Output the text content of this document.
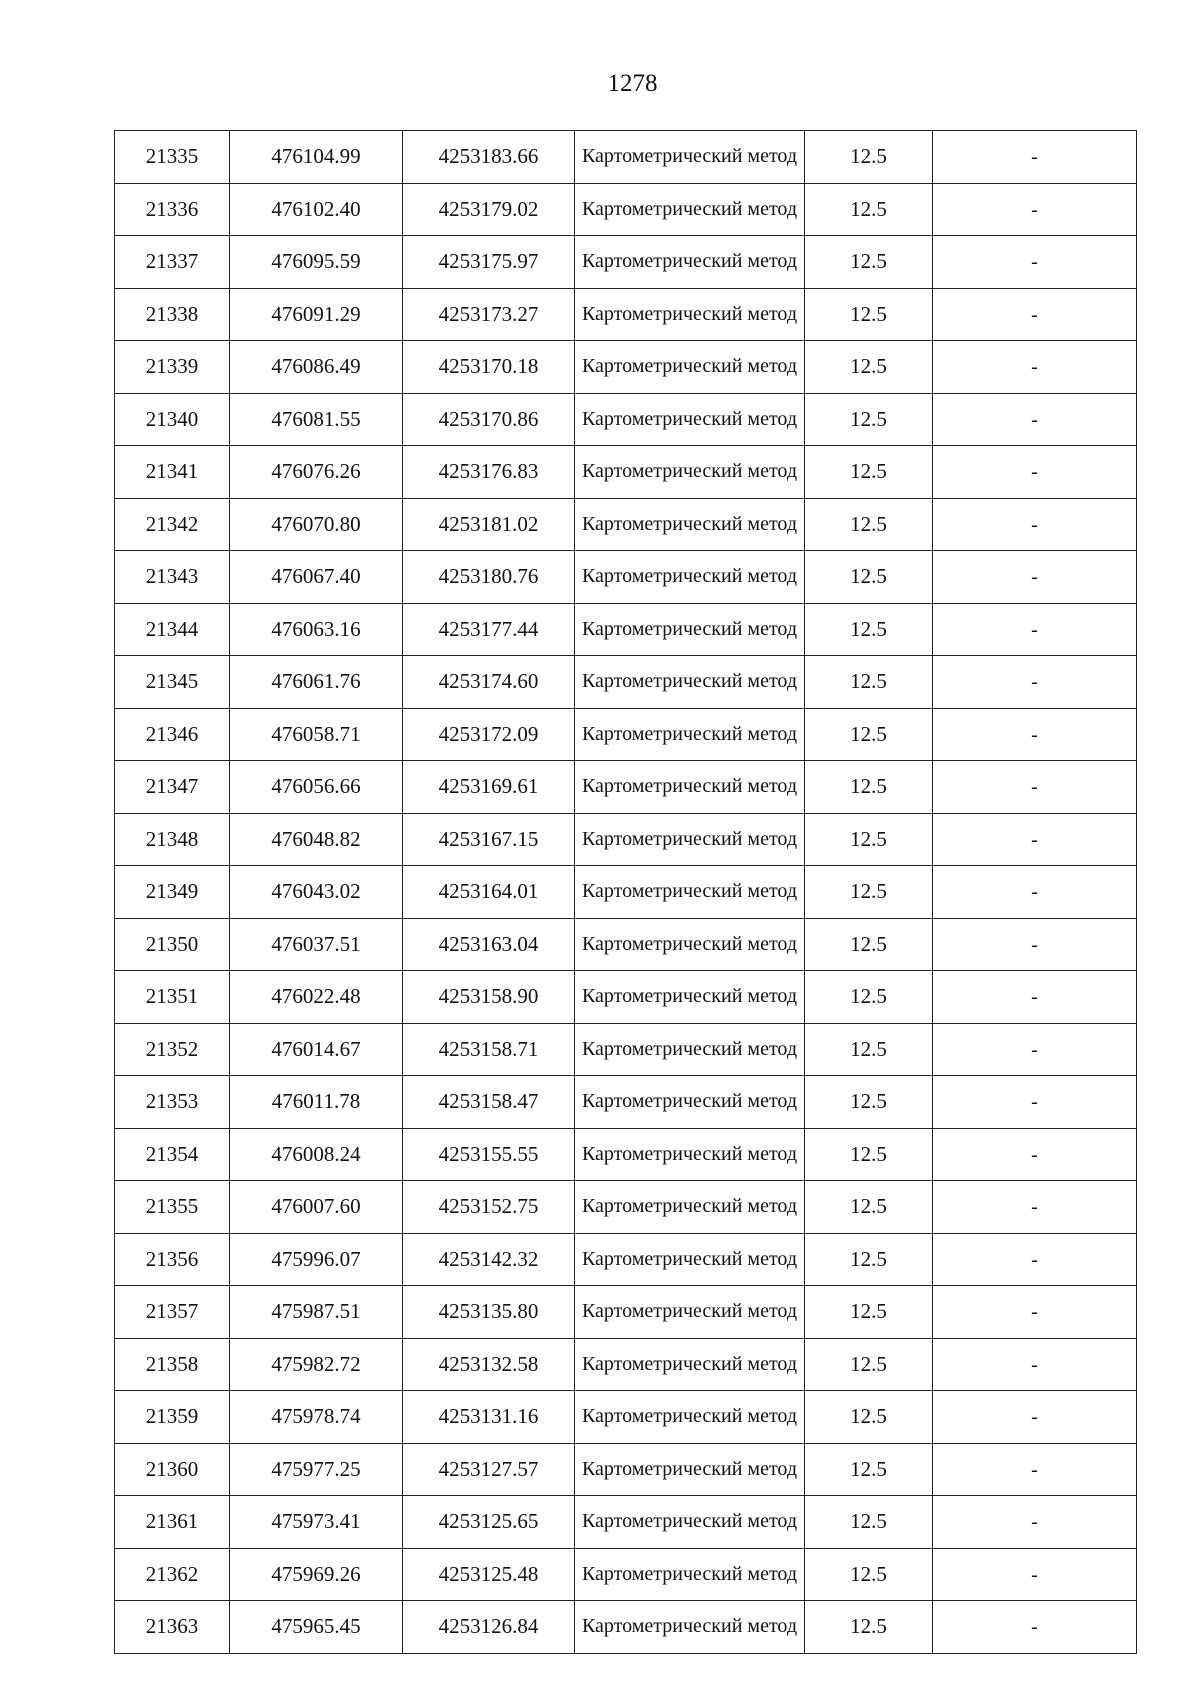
1278
21335	476104.99	4253183.66	Картометрический метод	12.5	-
21336	476102.40	4253179.02	Картометрический метод	12.5	-
21337	476095.59	4253175.97	Картометрический метод	12.5	-
21338	476091.29	4253173.27	Картометрический метод	12.5	-
21339	476086.49	4253170.18	Картометрический метод	12.5	-
21340	476081.55	4253170.86	Картометрический метод	12.5	-
21341	476076.26	4253176.83	Картометрический метод	12.5	-
21342	476070.80	4253181.02	Картометрический метод	12.5	-
21343	476067.40	4253180.76	Картометрический метод	12.5	-
21344	476063.16	4253177.44	Картометрический метод	12.5	-
21345	476061.76	4253174.60	Картометрический метод	12.5	-
21346	476058.71	4253172.09	Картометрический метод	12.5	-
21347	476056.66	4253169.61	Картометрический метод	12.5	-
21348	476048.82	4253167.15	Картометрический метод	12.5	-
21349	476043.02	4253164.01	Картометрический метод	12.5	-
21350	476037.51	4253163.04	Картометрический метод	12.5	-
21351	476022.48	4253158.90	Картометрический метод	12.5	-
21352	476014.67	4253158.71	Картометрический метод	12.5	-
21353	476011.78	4253158.47	Картометрический метод	12.5	-
21354	476008.24	4253155.55	Картометрический метод	12.5	-
21355	476007.60	4253152.75	Картометрический метод	12.5	-
21356	475996.07	4253142.32	Картометрический метод	12.5	-
21357	475987.51	4253135.80	Картометрический метод	12.5	-
21358	475982.72	4253132.58	Картометрический метод	12.5	-
21359	475978.74	4253131.16	Картометрический метод	12.5	-
21360	475977.25	4253127.57	Картометрический метод	12.5	-
21361	475973.41	4253125.65	Картометрический метод	12.5	-
21362	475969.26	4253125.48	Картометрический метод	12.5	-
21363	475965.45	4253126.84	Картометрический метод	12.5	-
